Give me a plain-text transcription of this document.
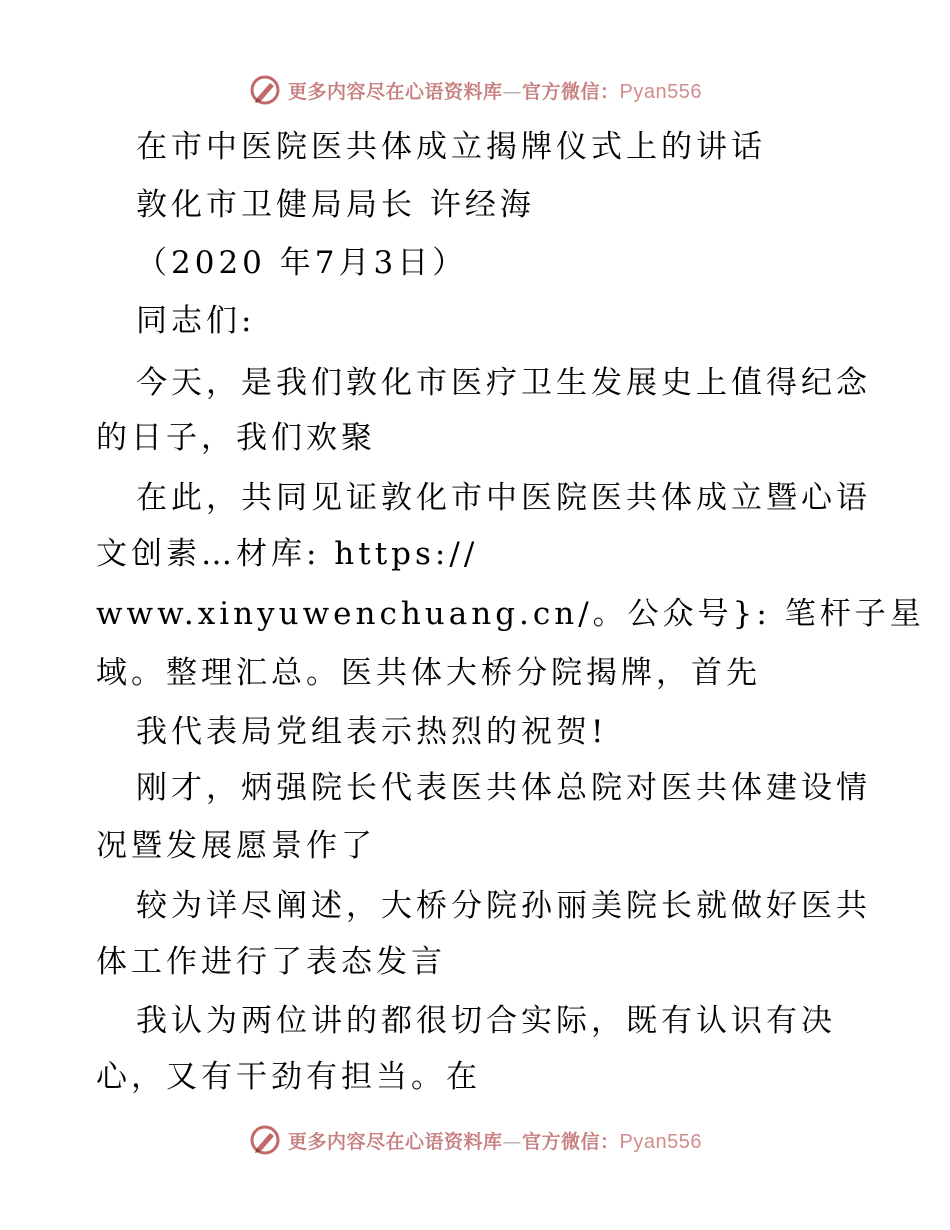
更多内容尽在心语资料库—官方微信：Pyan556
在市中医院医共体成立揭牌仪式上的讲话
敦化市卫健局局长 许经海
（2020 年7月3日）
同志们:
今天，是我们敦化市医疗卫生发展史上值得纪念
的日子，我们欢聚
在此，共同见证敦化市中医院医共体成立暨心语
文创素…材库: https://
www.xinyuwenchuang.cn/。公众号}: 笔杆子星
域。整理汇总。医共体大桥分院揭牌，首先
我代表局党组表示热烈的祝贺!
刚才，炳强院长代表医共体总院对医共体建设情
况暨发展愿景作了
较为详尽阐述，大桥分院孙丽美院长就做好医共
体工作进行了表态发言
我认为两位讲的都很切合实际，既有认识有决
心，又有干劲有担当。在
更多内容尽在心语资料库—官方微信：Pyan556
